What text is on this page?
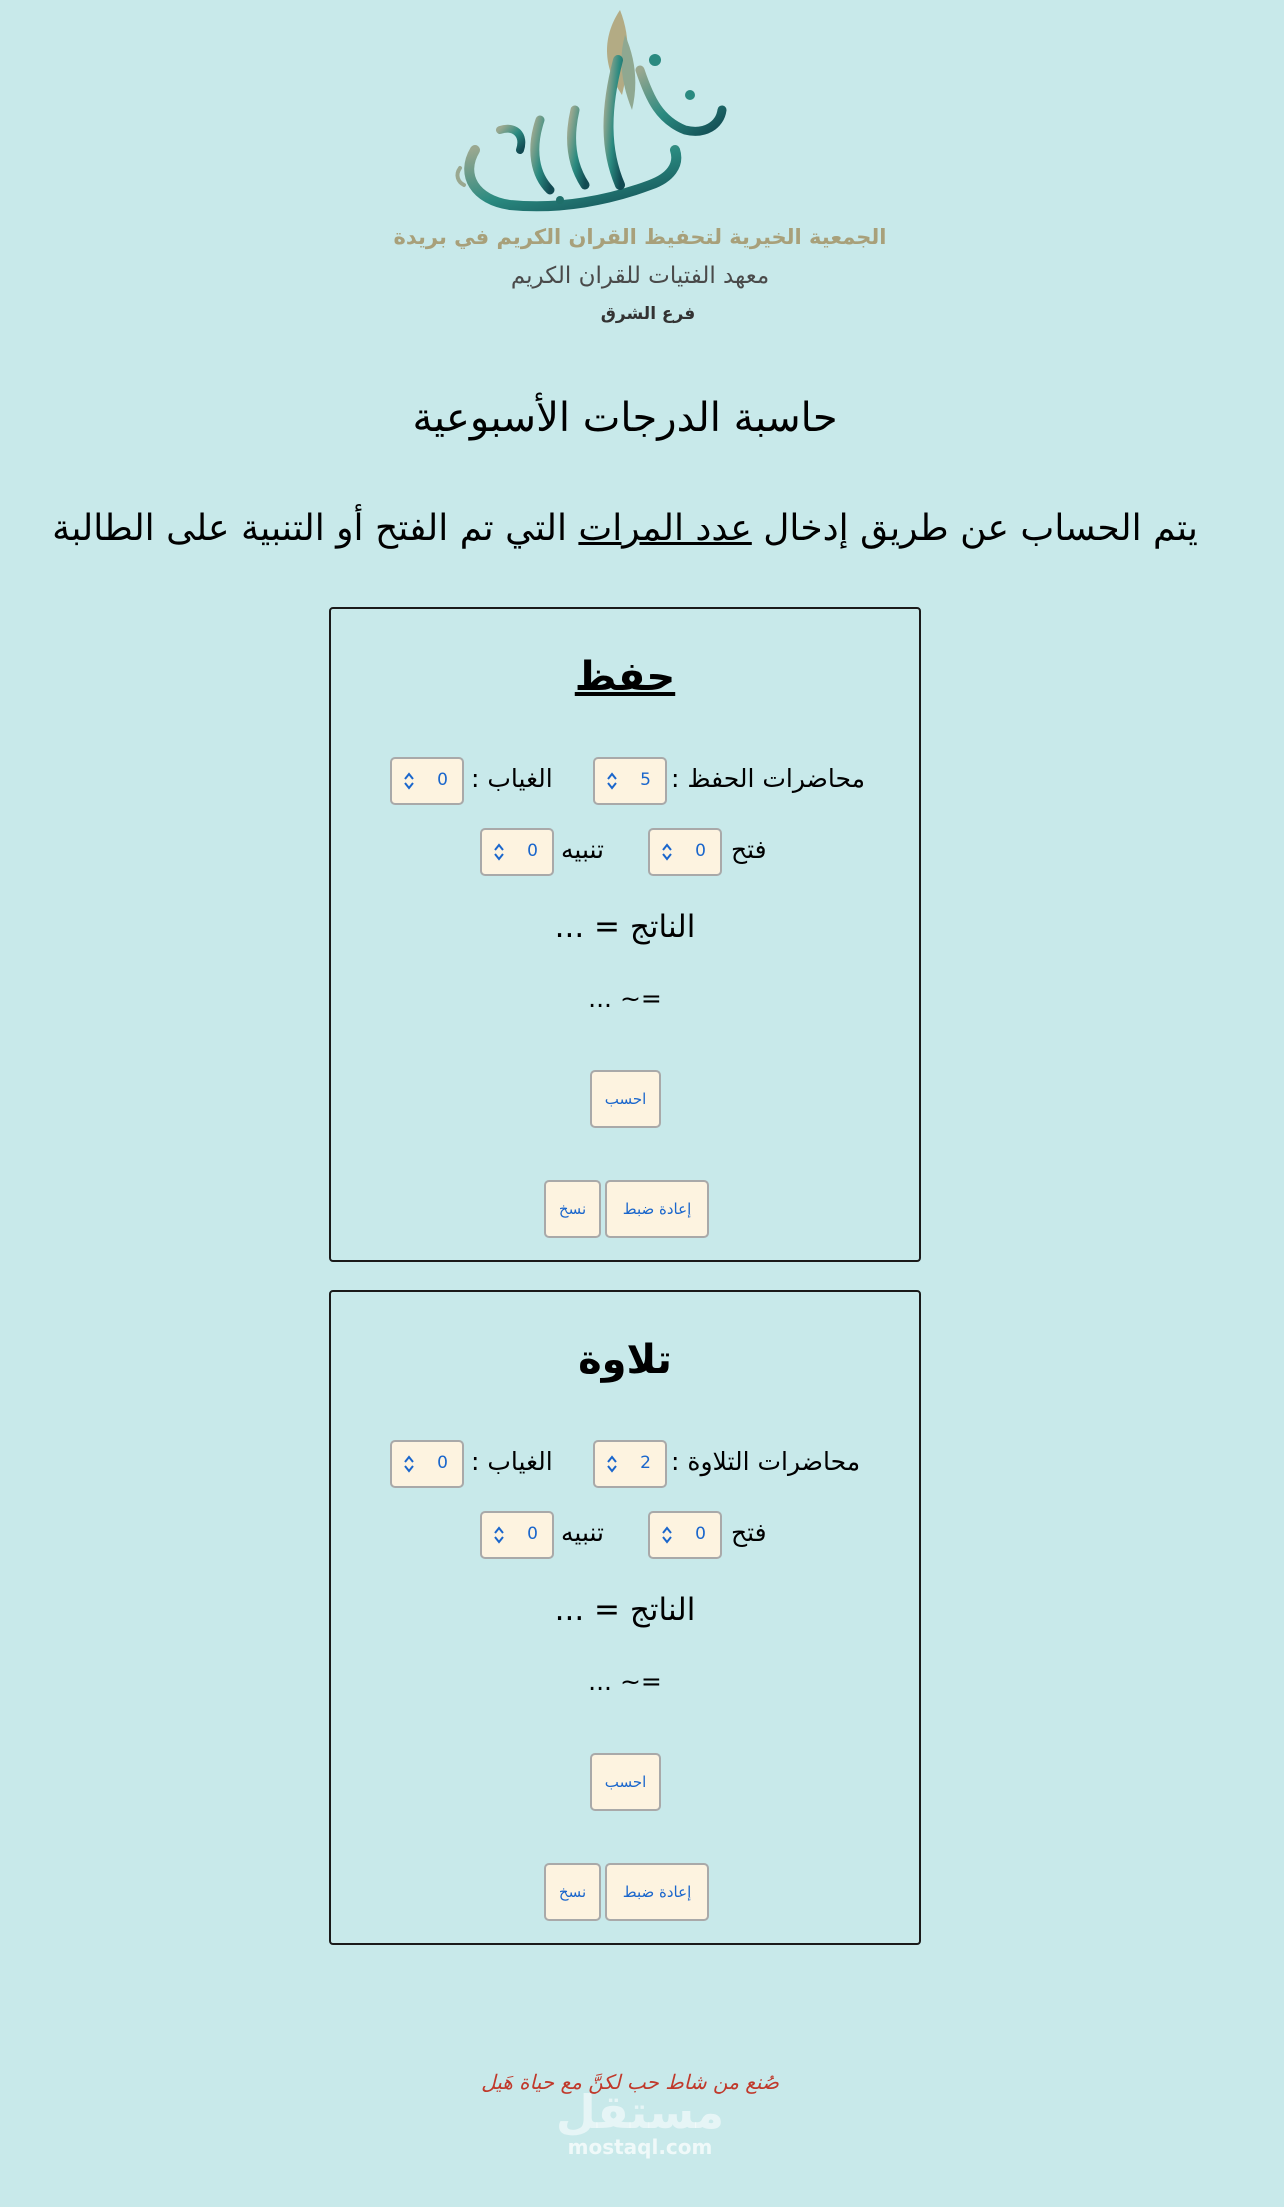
الجمعية الخيرية لتحفيظ القران الكريم في بريدة
معهد الفتيات للقران الكريم
فرع الشرق
حاسبة الدرجات الأسبوعية
يتم الحساب عن طريق إدخال عدد المرات التي تم الفتح أو التنبية على الطالبة
حفظ
محاضرات الحفظ :
5
الغياب :
0
فتح
0
تنبيه
0
الناتج = ...
=~ ...
احسب
إعادة ضبط
نسخ
تلاوة
محاضرات التلاوة :
2
الغياب :
0
فتح
0
تنبيه
0
الناتج = ...
=~ ...
احسب
إعادة ضبط
نسخ
مستقل
صُنع من شاط حب لكنَّ مع حياة هَيل
mostaql.com
